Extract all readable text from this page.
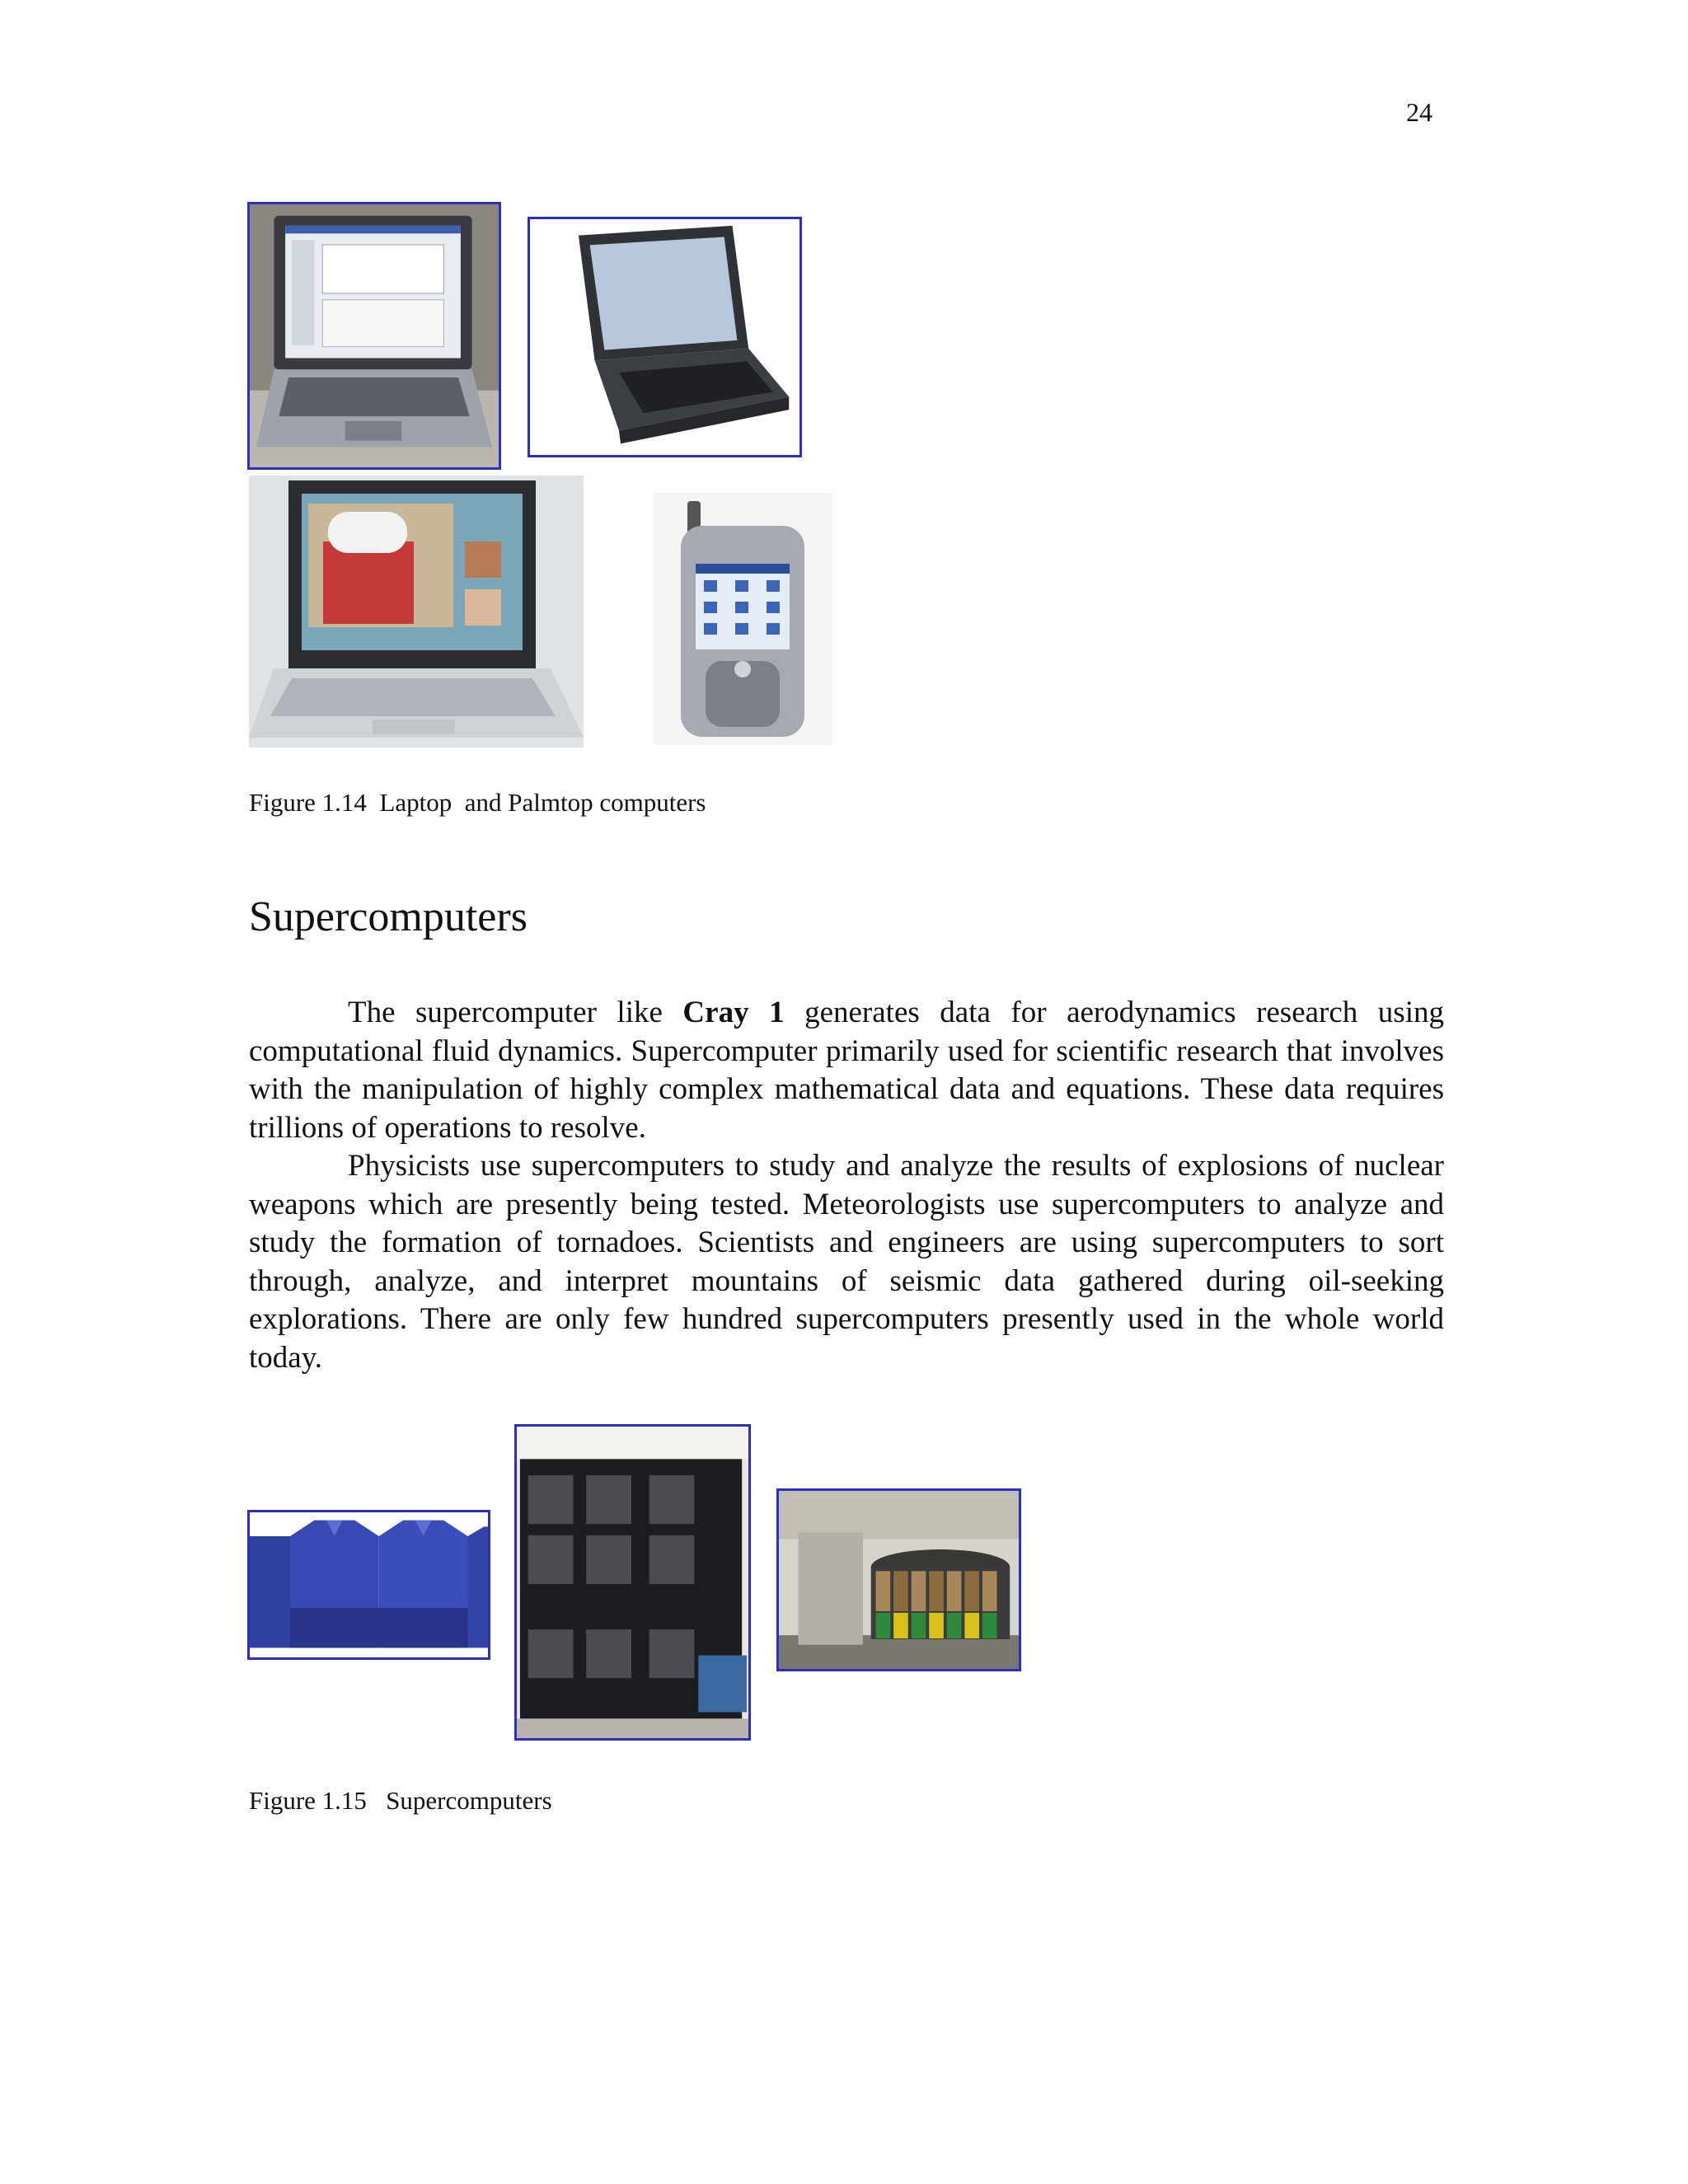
24
Figure 1.14  Laptop  and Palmtop computers
Supercomputers

The supercomputer like Cray 1 generates data for aerodynamics research using computational fluid dynamics. Supercomputer primarily used for scientific research that involves with the manipulation of highly complex mathematical data and equations. These data requires trillions of operations to resolve.

Physicists use supercomputers to study and analyze the results of explosions of nuclear weapons which are presently being tested. Meteorologists use supercomputers to analyze and study the formation of tornadoes. Scientists and engineers are using supercomputers to sort through, analyze, and interpret mountains of seismic data gathered during oil-seeking explorations. There are only few hundred supercomputers presently used in the whole world today.

Figure 1.15   Supercomputers
